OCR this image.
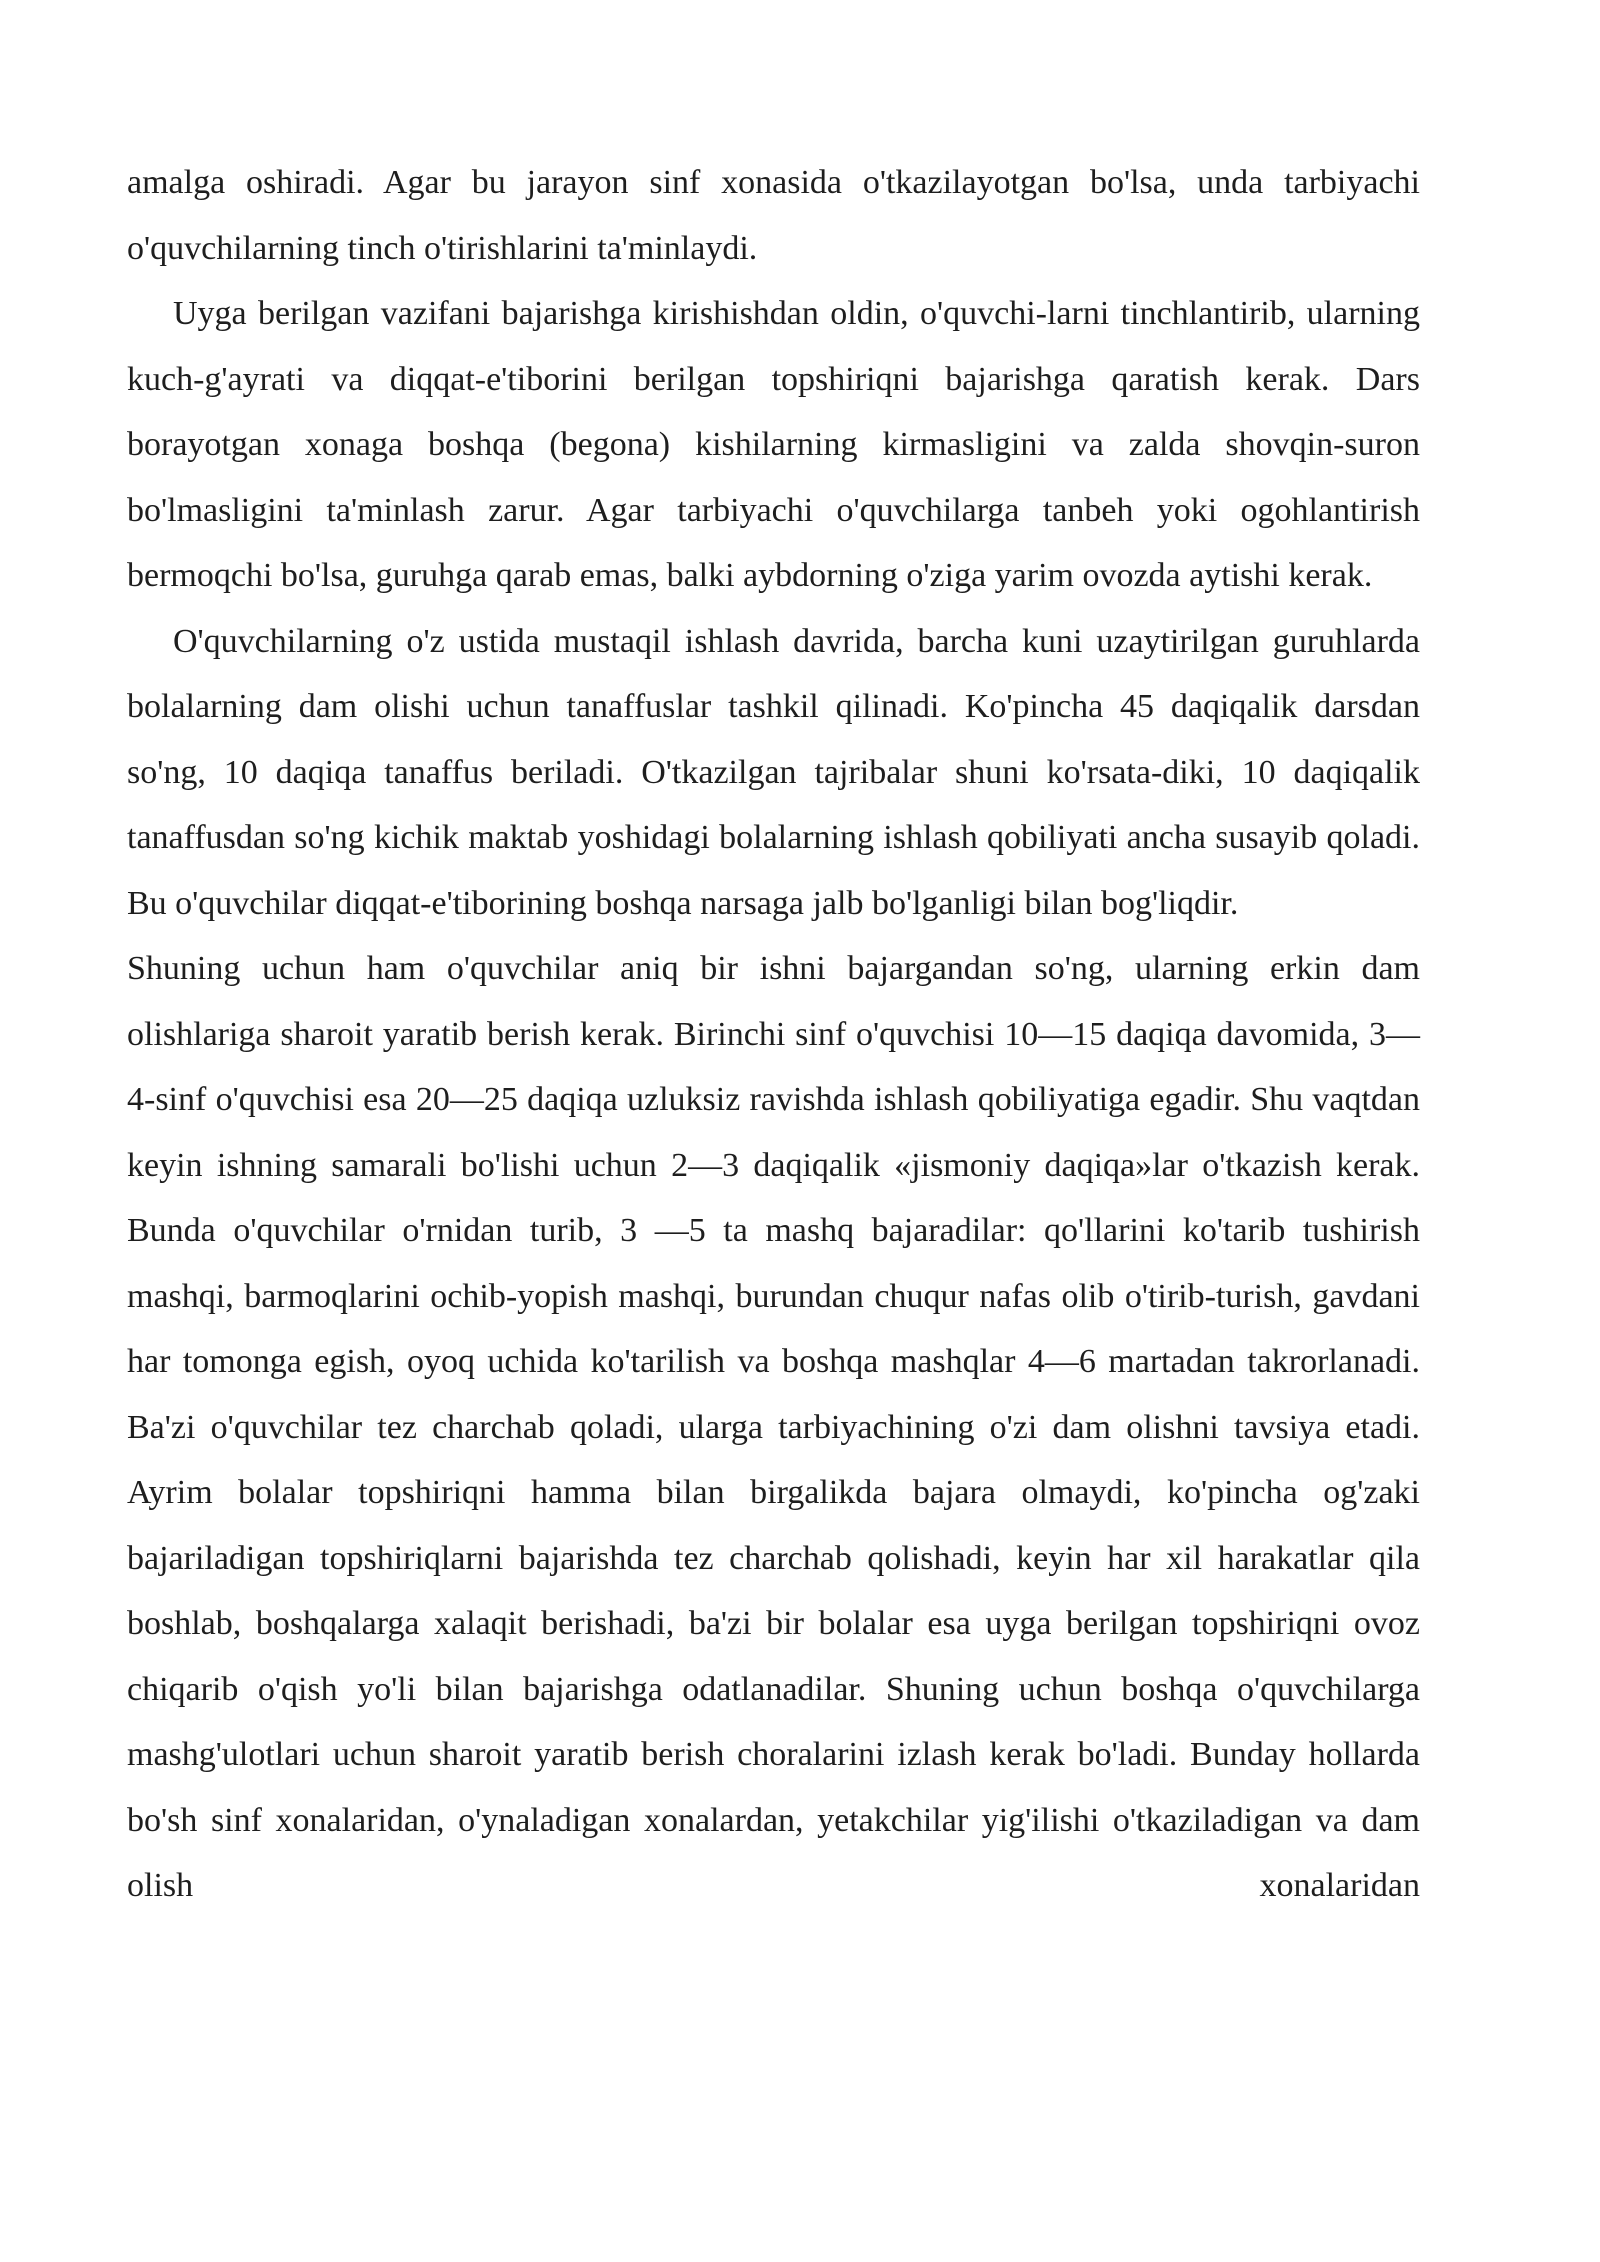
amalga oshiradi. Agar bu jarayon sinf xonasida o'tkazilayotgan bo'lsa, unda tarbiyachi o'quvchilarning tinch o'tirishlarini ta'minlaydi.

Uyga berilgan vazifani bajarishga kirishishdan oldin, o'quvchi-larni tinchlantirib, ularning kuch-g'ayrati va diqqat-e'tiborini berilgan topshiriqni bajarishga qaratish kerak. Dars borayotgan xonaga boshqa (begona) kishilarning kirmasligini va zalda shovqin-suron bo'lmasligini ta'minlash zarur. Agar tarbiyachi o'quvchilarga tanbeh yoki ogohlantirish bermoqchi bo'lsa, guruhga qarab emas, balki aybdorning o'ziga yarim ovozda aytishi kerak.

O'quvchilarning o'z ustida mustaqil ishlash davrida, barcha kuni uzaytirilgan guruhlarda bolalarning dam olishi uchun tanaffuslar tashkil qilinadi. Ko'pincha 45 daqiqalik darsdan so'ng, 10 daqiqa tanaffus beriladi. O'tkazilgan tajribalar shuni ko'rsata-diki, 10 daqiqalik tanaffusdan so'ng kichik maktab yoshidagi bolalarning ishlash qobiliyati ancha susayib qoladi. Bu o'quvchilar diqqat-e'tiborining boshqa narsaga jalb bo'lganligi bilan bog'liqdir.

Shuning uchun ham o'quvchilar aniq bir ishni bajargandan so'ng, ularning erkin dam olishlariga sharoit yaratib berish kerak. Birinchi sinf o'quvchisi 10—15 daqiqa davomida, 3—4-sinf o'quvchisi esa 20—25 daqiqa uzluksiz ravishda ishlash qobiliyatiga egadir. Shu vaqtdan keyin ishning samarali bo'lishi uchun 2—3 daqiqalik «jismoniy daqiqa»lar o'tkazish kerak. Bunda o'quvchilar o'rnidan turib, 3 —5 ta mashq bajaradilar: qo'llarini ko'tarib tushirish mashqi, barmoqlarini ochib-yopish mashqi, burundan chuqur nafas olib o'tirib-turish, gavdani har tomonga egish, oyoq uchida ko'tarilish va boshqa mashqlar 4—6 martadan takrorlanadi. Ba'zi o'quvchilar tez charchab qoladi, ularga tarbiyachining o'zi dam olishni tavsiya etadi. Ayrim bolalar topshiriqni hamma bilan birgalikda bajara olmaydi, ko'pincha og'zaki bajariladigan topshiriqlarni bajarishda tez charchab qolishadi, keyin har xil harakatlar qila boshlab, boshqalarga xalaqit berishadi, ba'zi bir bolalar esa uyga berilgan topshiriqni ovoz chiqarib o'qish yo'li bilan bajarishga odatlanadilar. Shuning uchun boshqa o'quvchilarga mashg'ulotlari uchun sharoit yaratib berish choralarini izlash kerak bo'ladi. Bunday hollarda bo'sh sinf xonalaridan, o'ynaladigan xonalardan, yetakchilar yig'ilishi o'tkaziladigan va dam olish xonalaridan
